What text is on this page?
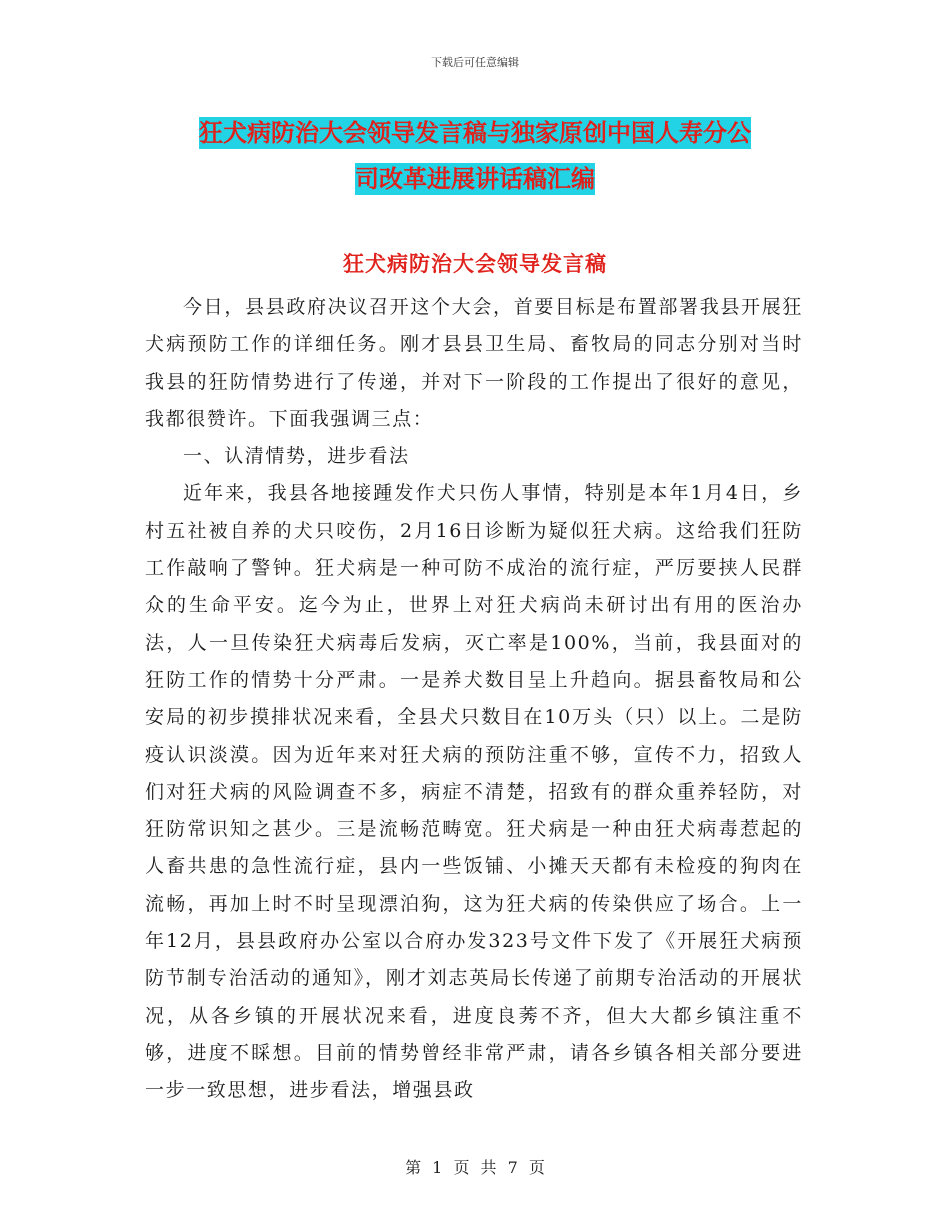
下载后可任意编辑
狂犬病防治大会领导发言稿与独家原创中国人寿分公
司改革进展讲话稿汇编
狂犬病防治大会领导发言稿

今日，县县政府决议召开这个大会，首要目标是布置部署我县开展狂犬病预防工作的详细任务。刚才县县卫生局、畜牧局的同志分别对当时我县的狂防情势进行了传递，并对下一阶段的工作提出了很好的意见，我都很赞许。下面我强调三点：

一、认清情势，进步看法

近年来，我县各地接踵发作犬只伤人事情，特别是本年1月4日，乡村五社被自养的犬只咬伤，2月16日诊断为疑似狂犬病。这给我们狂防工作敲响了警钟。狂犬病是一种可防不成治的流行症，严厉要挟人民群众的生命平安。迄今为止，世界上对狂犬病尚未研讨出有用的医治办法，人一旦传染狂犬病毒后发病，灭亡率是100%，当前，我县面对的狂防工作的情势十分严肃。一是养犬数目呈上升趋向。据县畜牧局和公安局的初步摸排状况来看，全县犬只数目在10万头（只）以上。二是防疫认识淡漠。因为近年来对狂犬病的预防注重不够，宣传不力，招致人们对狂犬病的风险调查不多，病症不清楚，招致有的群众重养轻防，对狂防常识知之甚少。三是流畅范畴宽。狂犬病是一种由狂犬病毒惹起的人畜共患的急性流行症，县内一些饭铺、小摊天天都有未检疫的狗肉在流畅，再加上时不时呈现漂泊狗，这为狂犬病的传染供应了场合。上一年12月，县县政府办公室以合府办发323号文件下发了《开展狂犬病预防节制专治活动的通知》，刚才刘志英局长传递了前期专治活动的开展状况，从各乡镇的开展状况来看，进度良莠不齐，但大大都乡镇注重不够，进度不睬想。目前的情势曾经非常严肃，请各乡镇各相关部分要进一步一致思想，进步看法，增强县政

第 1 页 共 7 页
